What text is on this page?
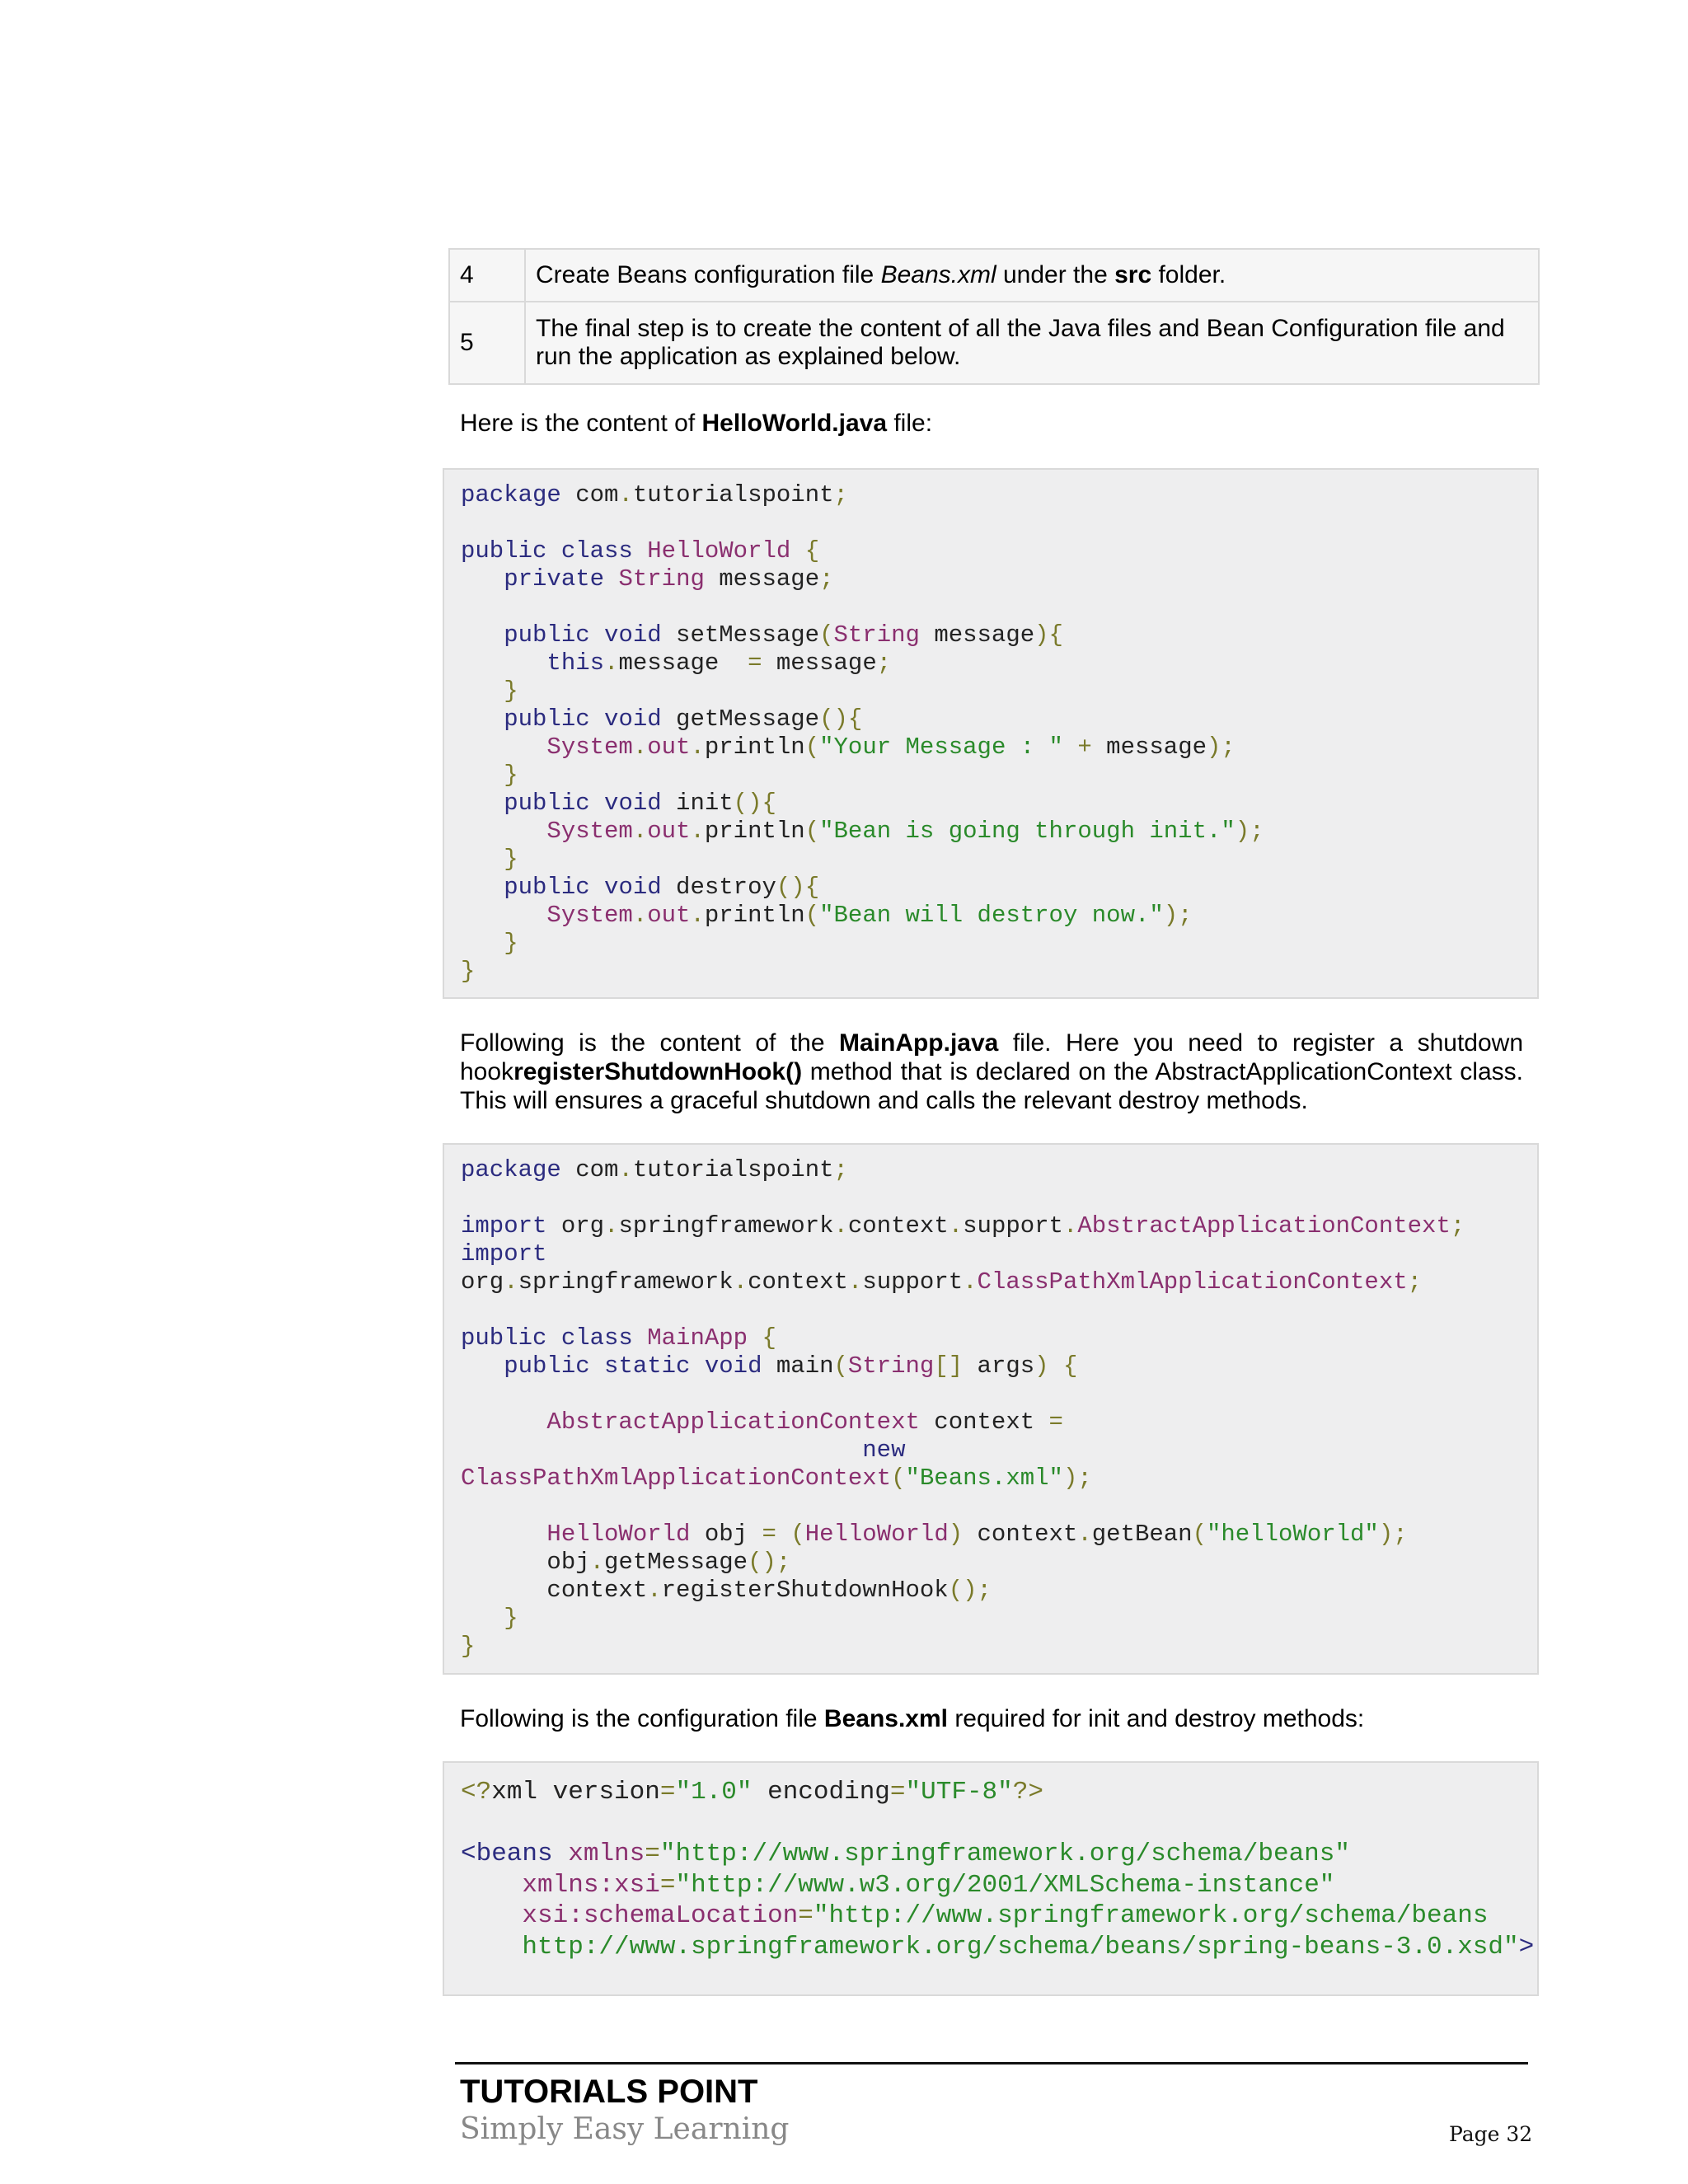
4	Create Beans configuration file Beans.xml under the src folder.
5	The final step is to create the content of all the Java files and Bean Configuration file and run the application as explained below.

Here is the content of HelloWorld.java file:

package com.tutorialspoint;

public class HelloWorld {
private String message;

public void setMessage(String message){
this.message  = message;
}
public void getMessage(){
System.out.println("Your Message : " + message);
}
public void init(){
System.out.println("Bean is going through init.");
}
public void destroy(){
System.out.println("Bean will destroy now.");
}
}

Following is the content of the MainApp.java file. Here you need to register a shutdown hookregisterShutdownHook() method that is declared on the AbstractApplicationContext class. This will ensures a graceful shutdown and calls the relevant destroy methods.

package com.tutorialspoint;

import org.springframework.context.support.AbstractApplicationContext;
import
org.springframework.context.support.ClassPathXmlApplicationContext;

public class MainApp {
public static void main(String[] args) {

AbstractApplicationContext context =
new
ClassPathXmlApplicationContext("Beans.xml");

HelloWorld obj = (HelloWorld) context.getBean("helloWorld");
obj.getMessage();
context.registerShutdownHook();
}
}

Following is the configuration file Beans.xml required for init and destroy methods:

<?xml version="1.0" encoding="UTF-8"?>

<beans xmlns="http://www.springframework.org/schema/beans"
xmlns:xsi="http://www.w3.org/2001/XMLSchema-instance"
xsi:schemaLocation="http://www.springframework.org/schema/beans
http://www.springframework.org/schema/beans/spring-beans-3.0.xsd">

TUTORIALS POINT

Simply Easy Learning	Page 32
